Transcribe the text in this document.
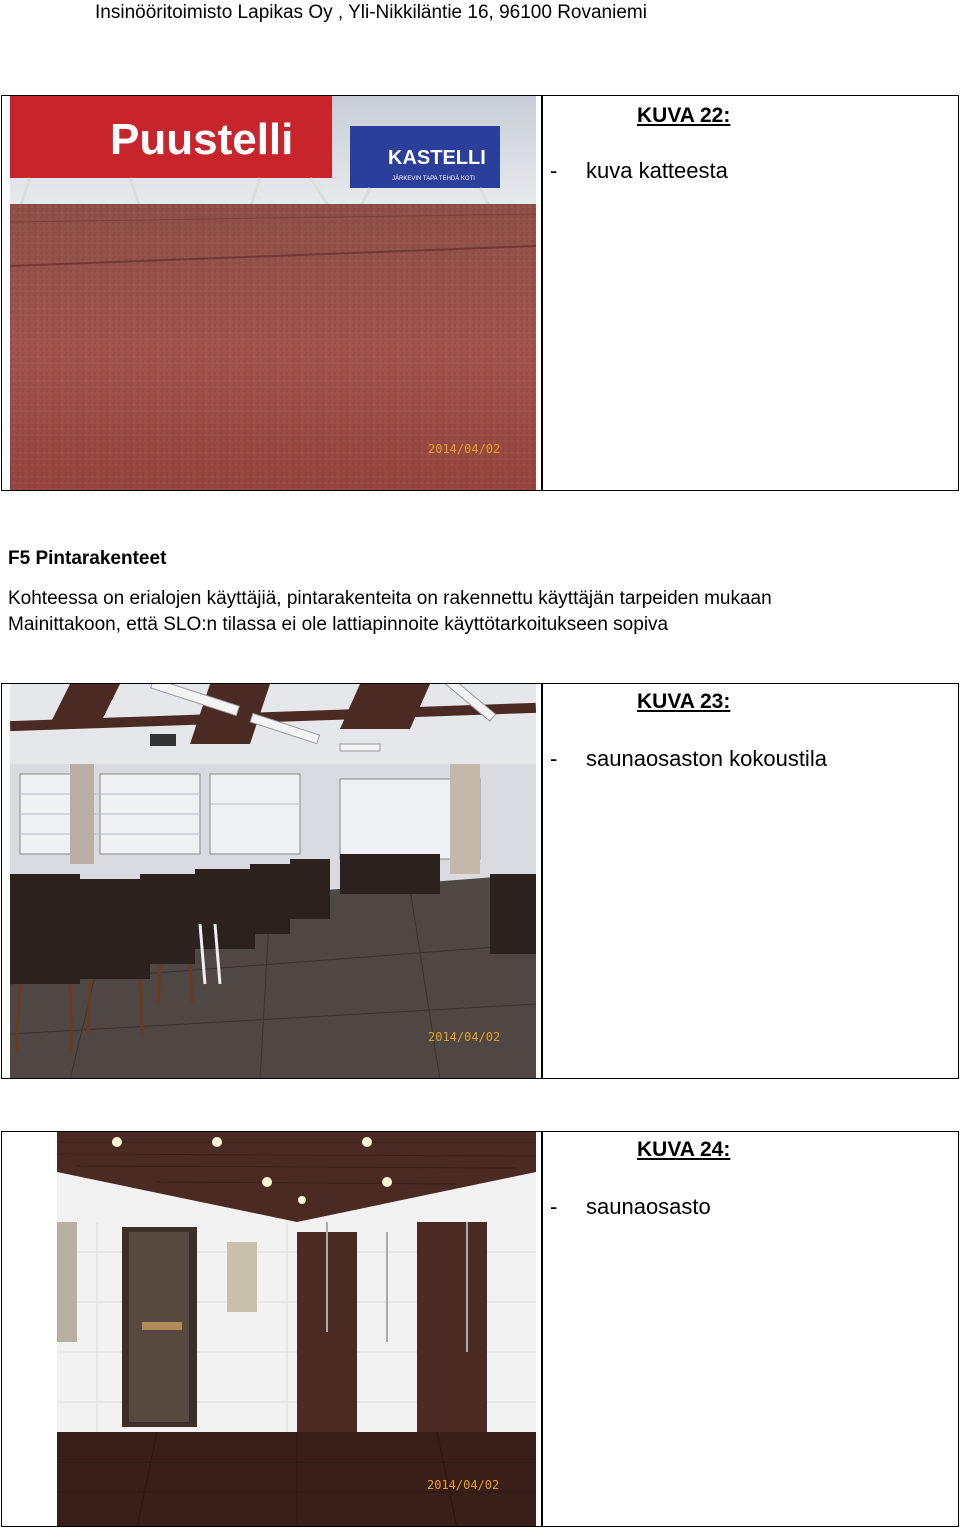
Insinööritoimisto Lapikas Oy , Yli-Nikkiläntie 16, 96100 Rovaniemi
Puustelli	KASTELLI
JÄRKEVIN TAPA TEHDÄ KOTI
2014/04/02
KUVA 22:
- kuva katteesta
F5 Pintarakenteet
Kohteessa on erialojen käyttäjiä, pintarakenteita on rakennettu käyttäjän tarpeiden mukaan
Mainittakoon, että SLO:n tilassa ei ole lattiapinnoite käyttötarkoitukseen sopiva
2014/04/02
KUVA 23:
- saunaosaston kokoustila
2014/04/02
KUVA 24:
- saunaosasto
